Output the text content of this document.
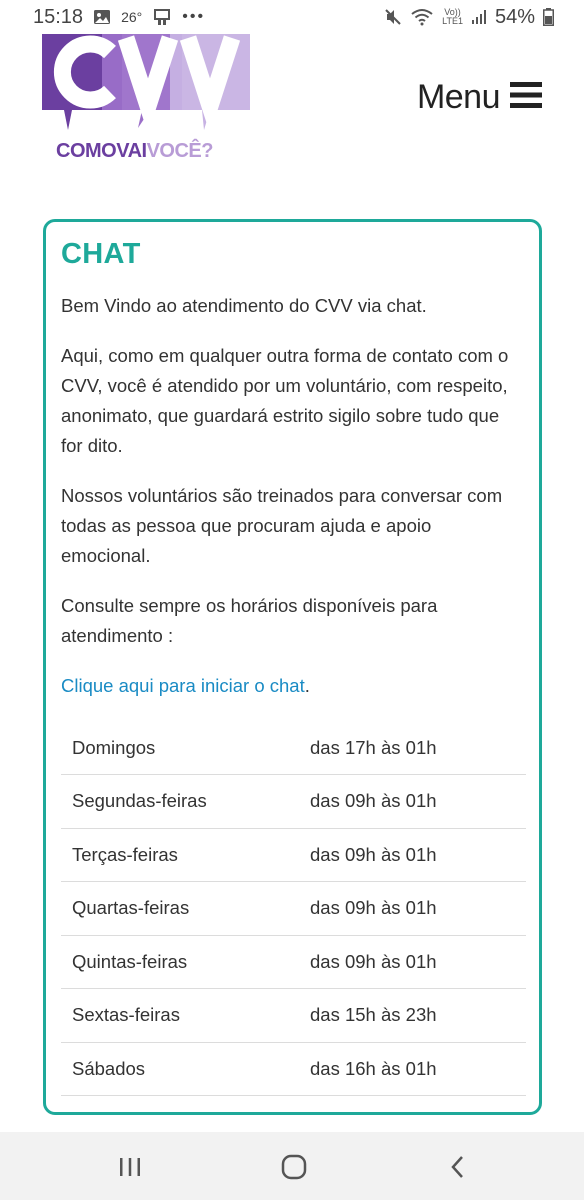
15:18	26°	•••	Vo))
LTE1 54%
COMOVAIVOCÊ?
Menu
CHAT

Bem Vindo ao atendimento do CVV via chat.

Aqui, como em qualquer outra forma de contato com o CVV, você é atendido por um voluntário, com respeito, anonimato, que guardará estrito sigilo sobre tudo que for dito.

Nossos voluntários são treinados para conversar com todas as pessoa que procuram ajuda e apoio emocional.

Consulte sempre os horários disponíveis para atendimento :

Clique aqui para iniciar o chat.

Domingos	das 17h às 01h
Segundas-feiras	das 09h às 01h
Terças-feiras	das 09h às 01h
Quartas-feiras	das 09h às 01h
Quintas-feiras	das 09h às 01h
Sextas-feiras	das 15h às 23h
Sábados	das 16h às 01h
